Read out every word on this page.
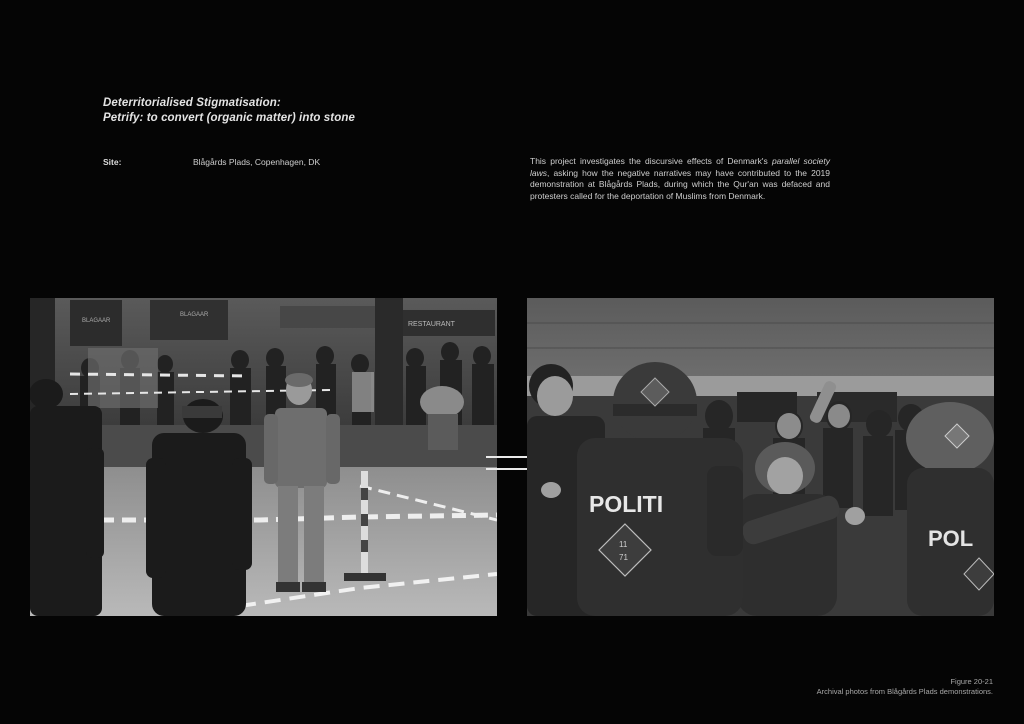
Deterritorialised Stigmatisation:
Petrify: to convert (organic matter) into stone
Site:	Blågårds Plads, Copenhagen, DK	This project investigates the discursive effects of Denmark's parallel society laws, asking how the negative narratives may have contributed to the 2019 demonstration at Blågårds Plads, during which the Qur'an was defaced and protesters called for the deportation of Muslims from Denmark.
BLAGAAR
BLAGAAR
RESTAURANT
POLITI
11
71
POL
Figure 20-21
Archival photos from Blågårds Plads demonstrations.
